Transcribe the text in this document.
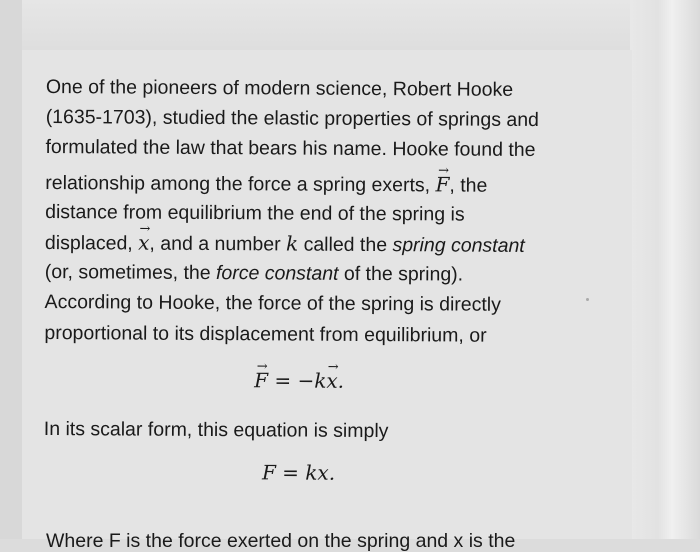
One of the pioneers of modern science, Robert Hooke
(1635-1703), studied the elastic properties of springs and
formulated the law that bears his name. Hooke found the
relationship among the force a spring exerts, → F, the
distance from equilibrium the end of the spring is
displaced, → x, and a number k called the spring constant
(or, sometimes, the force constant of the spring).
According to Hooke, the force of the spring is directly
proportional to its displacement from equilibrium, or
→ F = −k→ x.
In its scalar form, this equation is simply
F = kx.
Where F is the force exerted on the spring and x is the
